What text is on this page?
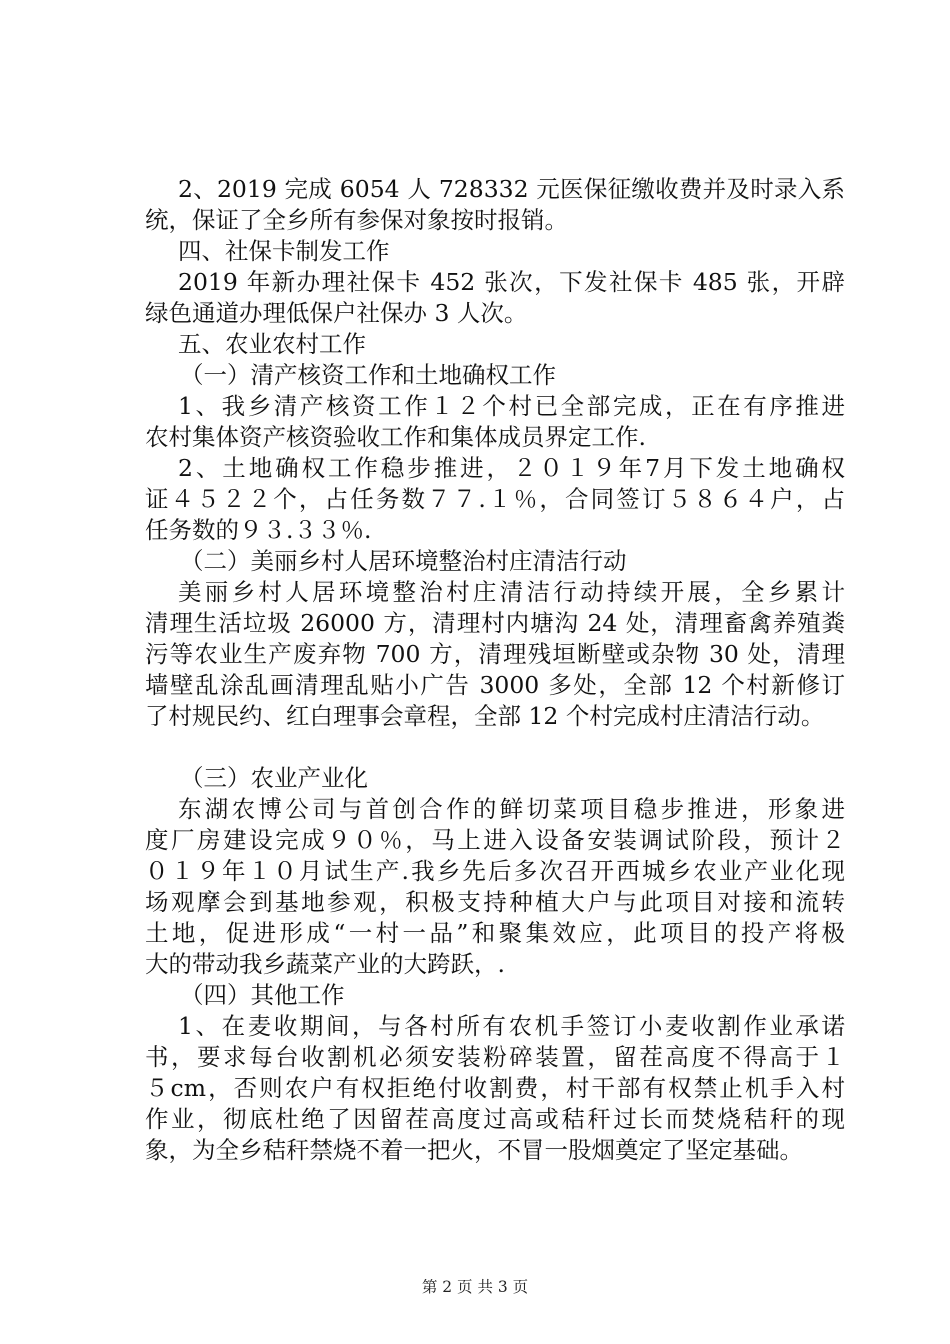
2、2019 完成 6054 人 728332 元医保征缴收费并及时录入系
统，保证了全乡所有参保对象按时报销。
四、社保卡制发工作
2019 年新办理社保卡 452 张次，下发社保卡 485 张，开辟
绿色通道办理低保户社保办 3 人次。
五、农业农村工作
（一）清产核资工作和土地确权工作
1、我乡清产核资工作１２个村已全部完成，正在有序推进
农村集体资产核资验收工作和集体成员界定工作.
2、土地确权工作稳步推进，２０１９年7月下发土地确权
证４５２２个，占任务数７７.１％，合同签订５８６４户，占
任务数的９３.３３％.
（二）美丽乡村人居环境整治村庄清洁行动
美丽乡村人居环境整治村庄清洁行动持续开展，全乡累计
清理生活垃圾 26000 方，清理村内塘沟 24 处，清理畜禽养殖粪
污等农业生产废弃物 700 方，清理残垣断壁或杂物 30 处，清理
墙壁乱涂乱画清理乱贴小广告 3000 多处，全部 12 个村新修订
了村规民约、红白理事会章程，全部 12 个村完成村庄清洁行动。
（三）农业产业化
东湖农博公司与首创合作的鲜切菜项目稳步推进，形象进
度厂房建设完成９０％，马上进入设备安装调试阶段，预计２
０１９年１０月试生产.我乡先后多次召开西城乡农业产业化现
场观摩会到基地参观，积极支持种植大户与此项目对接和流转
土地，促进形成“一村一品”和聚集效应，此项目的投产将极
大的带动我乡蔬菜产业的大跨跃，.
（四）其他工作
1、在麦收期间，与各村所有农机手签订小麦收割作业承诺
书，要求每台收割机必须安装粉碎装置，留茬高度不得高于１
５cm，否则农户有权拒绝付收割费，村干部有权禁止机手入村
作业，彻底杜绝了因留茬高度过高或秸秆过长而焚烧秸秆的现
象，为全乡秸秆禁烧不着一把火，不冒一股烟奠定了坚定基础。
第 2 页 共 3 页
